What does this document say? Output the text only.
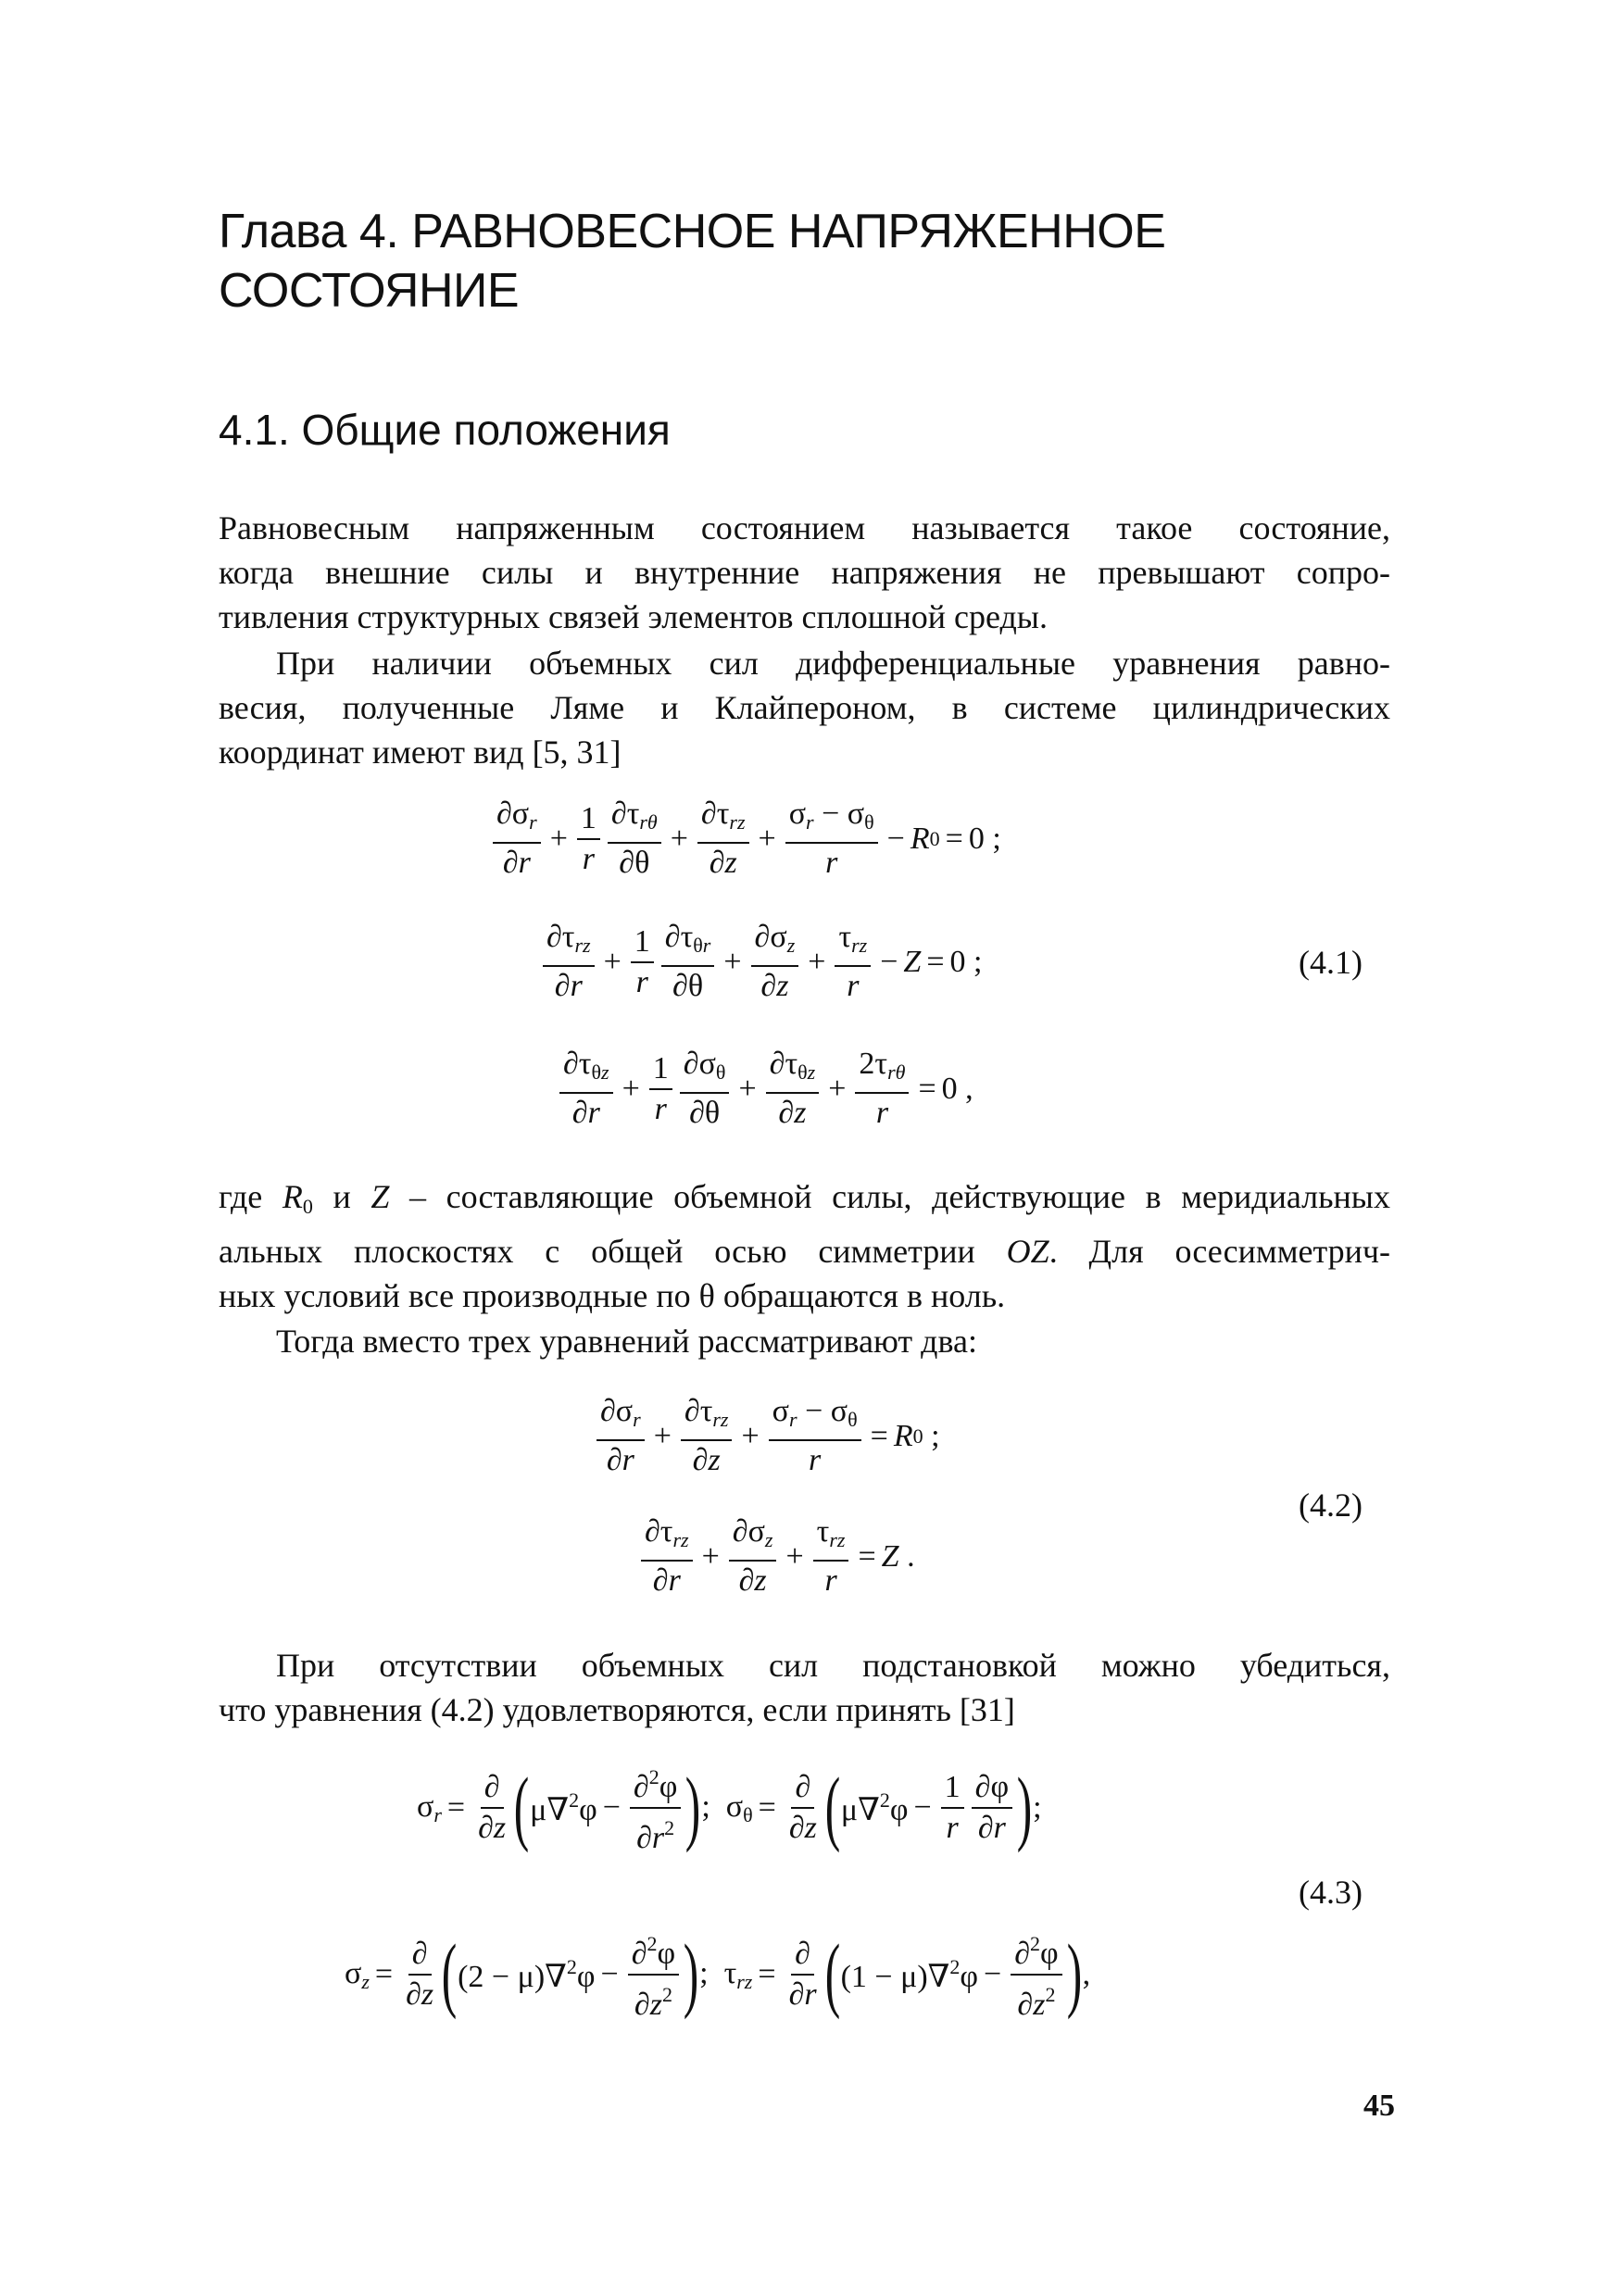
Глава 4. РАВНОВЕСНОЕ НАПРЯЖЕННОЕ
СОСТОЯНИЕ
4.1. Общие положения
Равновесным напряженным состоянием называется такое состояние,
когда внешние силы и внутренние напряжения не превышают сопро-
тивления структурных связей элементов сплошной среды.
При наличии объемных сил дифференциальные уравнения равно-
весия, полученные Ляме и Клайпероном, в системе цилиндрических
координат имеют вид [5, 31]
$\frac{\partial\sigma_r}{\partial r} + \frac{1}{r} \frac{\partial\tau_{r\theta}}{\partial\theta} + \frac{\partial\tau_{rz}}{\partial z} + \frac{\sigma_r - \sigma_\theta}{r} - R$ 0 = 0 ;
$\frac{\partial\tau_{rz}}{\partial r} + \frac{1}{r} \frac{\partial\tau_{\theta r}}{\partial\theta} + \frac{\partial\sigma_z}{\partial z} + \frac{\tau_{rz}}{r} - Z = 0$ ;
$\frac{\partial\tau_{\theta z}}{\partial r} + \frac{1}{r} \frac{\partial\sigma_\theta}{\partial\theta} + \frac{\partial\tau_{\theta z}}{\partial z} + \frac{2\tau_{r\theta}}{r} = 0$ ,
(4.1)
где $R_0$ и Z – составляющие объемной силы, действующие в меридиальных
альных плоскостях с общей осью симметрии OZ. Для осесимметрич-
ных условий все производные по θ обращаются в ноль.
Тогда вместо трех уравнений рассматривают два:
$\frac{\partial\sigma_r}{\partial r} + \frac{\partial\tau_{rz}}{\partial z} + \frac{\sigma_r - \sigma_\theta}{r} = R$ 0 ;
$\frac{\partial\tau_{rz}}{\partial r} + \frac{\partial\sigma_z}{\partial z} + \frac{\tau_{rz}}{r} = Z$ .
(4.2)
При отсутствии объемных сил подстановкой можно убедиться,
что уравнения (4.2) удовлетворяются, если принять [31]
$\sigma_r = \frac{\partial}{\partial z}$ ( $\mu\nabla^2\varphi - \frac{\partial^2\varphi}{\partial r^2}$ ) ;  $\sigma_\theta = \frac{\partial}{\partial z}$ ( $\mu\nabla^2\varphi - \frac{1}{r} \frac{\partial\varphi}{\partial r}$ ) ;
$\sigma_z = \frac{\partial}{\partial z}$ ( $(2 - \mu)\nabla^2\varphi - \frac{\partial^2\varphi}{\partial z^2}$ ) ;  $\tau_{rz} = \frac{\partial}{\partial r}$ ( $(1 - \mu)\nabla^2\varphi - \frac{\partial^2\varphi}{\partial z^2}$ ) ,
(4.3)
45
